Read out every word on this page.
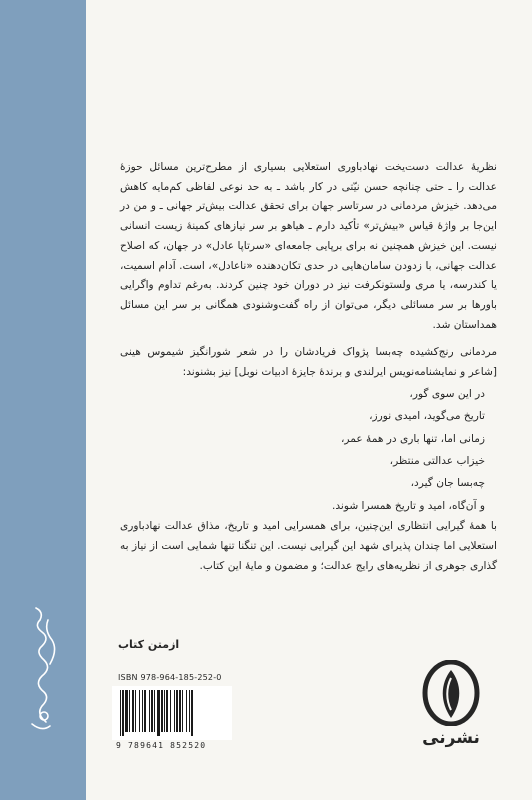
نظریهٔ عدالت دست‌یخت نهادباوری استعلایی بسیاری از مطرح‌ترین مسائل حوزهٔ عدالت را ـ حتی چنانچه حسن نیّتی در کار باشد ـ به حد نوعی لفاظی کم‌مایه کاهش می‌دهد. خیزش مردمانی در سرتاسر جهان برای تحقق عدالت بیش‌تر جهانی ـ و من در این‌جا بر واژهٔ قیاس «بیش‌تر» تأکید دارم ـ هیاهو بر سر نیازهای کمینهٔ زیست انسانی نیست. این خیزش همچنین نه برای برپایی جامعه‌ای «سرتاپا عادل» در جهان، که اصلاح عدالت جهانی، با زدودن سامان‌هایی در حدی تکان‌دهنده «ناعادل»، است. آدام اسمیت، یا کندرسه، یا مری ولستونکرفت نیز در دوران خود چنین کردند. به‌رغم تداوم واگرایی باورها بر سر مسائلی دیگر، می‌توان از راه گفت‌وشنودی همگانی بر سر این مسائل همداستان شد.

مردمانی رنج‌کشیده چه‌بسا پژواک فریادشان را در شعر شورانگیز شیموس هینی [شاعر و نمایشنامه‌نویس ایرلندی و برندهٔ جایزهٔ ادبیات نوبل] نیز بشنوند:

در این سوی گور،
تاریخ می‌گوید، امیدی نورز،
زمانی اما، تنها باری در همهٔ عمر،
خیزاب عدالتی منتظر،
چه‌بسا جان گیرد،
و آن‌گاه، امید و تاریخ همسرا شوند.

با همهٔ گیرایی انتظاری این‌چنین، برای همسرایی امید و تاریخ، مذاق عدالت نهادباوری استعلایی اما چندان پذیرای شهد این گیرایی نیست. این تنگنا تنها شمایی است از نیاز به گذاری جوهری از نظریه‌های رایج عدالت؛ و مضمون و مایهٔ این کتاب.

ازمتن کتاب
ISBN 978-964-185-252-0
9 789641 852520	نشرنی
